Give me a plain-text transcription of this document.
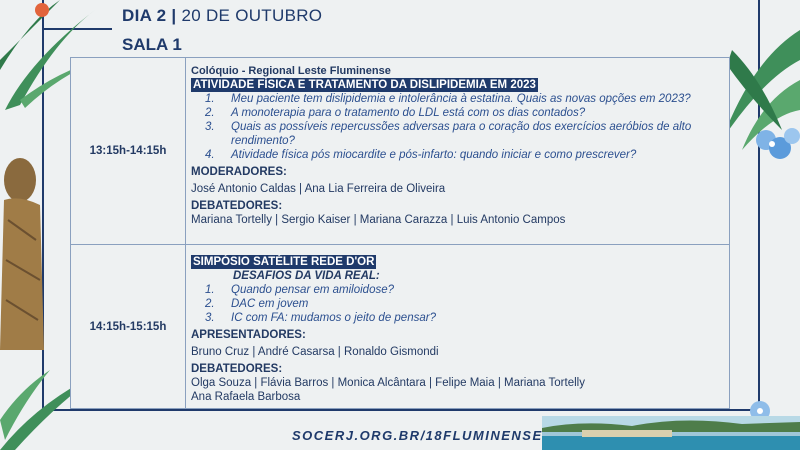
DIA 2 | 20 DE OUTUBRO
SALA 1
13:15h-14:15h
Colóquio - Regional Leste Fluminense
ATIVIDADE FÍSICA E TRATAMENTO DA DISLIPIDEMIA EM 2023
1. Meu paciente tem dislipidemia e intolerância à estatina. Quais as novas opções em 2023?
2. A monoterapia para o tratamento do LDL está com os dias contados?
3. Quais as possíveis repercussões adversas para o coração dos exercícios aeróbios de alto rendimento?
4. Atividade física pós miocardite e pós-infarto: quando iniciar e como prescrever?
MODERADORES:
José Antonio Caldas | Ana Lia Ferreira de Oliveira
DEBATEDORES:
Mariana Tortelly | Sergio Kaiser | Mariana Carazza | Luis Antonio Campos
14:15h-15:15h
SIMPÓSIO SATÉLITE REDE D'OR
DESAFIOS DA VIDA REAL:
1. Quando pensar em amiloidose?
2. DAC em jovem
3. IC com FA: mudamos o jeito de pensar?
APRESENTADORES:
Bruno Cruz | André Casarsa | Ronaldo Gismondi
DEBATEDORES:
Olga Souza | Flávia Barros | Monica Alcântara | Felipe Maia | Mariana Tortelly
Ana Rafaela Barbosa
SOCERJ.ORG.BR/18FLUMINENSE
